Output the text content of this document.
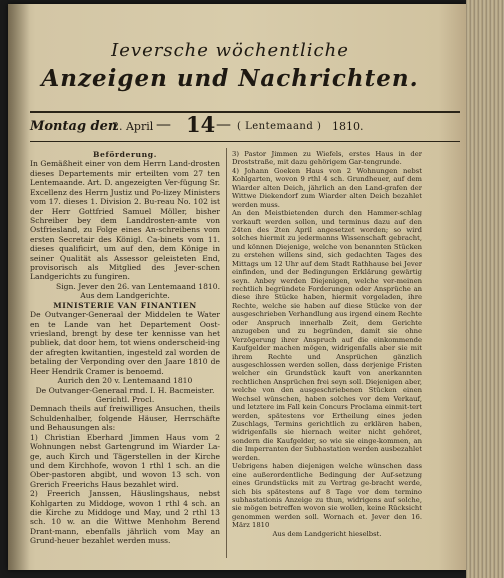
Ieversche wöchentliche
Anzeigen und Nachrichten.
Montag den
2. April — 14 — ( Lentemaand ) 1810.

Beförderung.

In Gemäßheit einer von dem Herrn Land-drosten dieses Departements mir erteilten vom 27 ten Lentemaande. Art. D. angezeigten Ver-fügung Sr. Excellenz des Herrn Justiz und Po-lizey Ministers vom 17. dieses 1. Division 2. Bu-reau No. 102 ist der Herr Gottfried Samuel Möller, bisher Schreiber bey dem Landdrosten-amte von Ostfriesland, zu Folge eines An-schreibens vom ersten Secretair des Königl. Ca-binets vom 11. dieses qualificirt, um auf den, dem Könige in seiner Qualität als Assessor geleisteten End, provisorisch als Mitglied des Jever-schen Landgerichts zu fungiren.

Sign. Jever den 26. van Lentemaand 1810.

Aus dem Landgerichte.

MINISTERIE VAN FINANTIEN

De Outvanger-Generaal der Middelen te Water en te Lande van het Departement Oost-vriesland, brengt by dese ter kennisse van het publiek, dat door hem, tot wiens onderscheid-ing der afregten kwitantien, ingesteld zal worden de betaling der Verponding over den Jaare 1810 de Heer Hendrik Cramer is benoemd.

Aurich den 20 v. Lentemaand 1810

De Outvanger-Generaal rmd. I. H. Bacmeister.

Gerichtl. Procl.

Demnach theils auf freiwilliges Ansuchen, theils Schuldenhalber, folgende Häuser, Herrschäfte und Behausungen als:

1) Christian Eberhard Jimmen Haus vom 2 Wohnungen nebst Gartengrund im Wiarder La-ge, auch Kirch und Tägerstellen in der Kirche und dem Kirchhofe, wovon 1 rthl 1 sch. an die Ober-pastoren abgibt, und wovon 13 sch. von Grerich Freerichs Haus bezahlet wird.

2) Freerich Janssen, Häuslingshaus, nebst Kohlgarten zu Middoge, wovon 1 rthl 4 sch. an die Kirche zu Middoge und May, und 2 rthl 13 sch. 10 w. an die Wittwe Menhohm Berend Drant-mann, ebenfalls jährlich vom May an Grund-heuer bezahlet werden muss.

3) Pastor Jimmen zu Wiefels, erstes Haus in der Droststraße, mit dazu gehörigem Gar-tengrunde.

4) Johann Goeken Haus von 2 Wohnungen nebst Kohlgarten, wovon 9 rthl 4 sch. Grundheuer, auf dem Wiarder alten Deich, jährlich an den Land-grafen der Wittwe Diekendorf zum Wiarder alten Deich bezahlet werden muss.

An den Meistbietenden durch den Hammer-schlag verkauft werden sollen, und terminus dazu auf den 24ten des 2ten April angesetzet worden; so wird solches hiermit zu jedermanns Wissenschaft gebracht, und können Diejenige, welche von benannten Stücken zu erstehen willens sind, sich gedachten Tages des Mittags um 12 Uhr auf dem Stadt Rathhause bei Jever einfinden, und der Bedingungen Erklärung gewärtig seyn. Anbey werden Diejenigen, welche ver-meinen rechtlich begründete Forderungen oder Ansprüche an diese ihre Stücke haben, hiermit vorgeladen, ihre Rechte, welche sie haben auf diese Stücke von der ausgeschrieben Verhandlung aus irgend einem Rechte oder Anspruch innerhalb Zeit, dem Gerichte anzugeben und zu begründen, damit sie ohne Verzögerung ihrer Anspruch auf die einkommende Kaufgelder machen mögen, widrigenfalls aber sie mit ihrem Rechte und Ansprüchen gänzlich ausgeschlossen werden sollen, dass derjenige Fristen welcher ein Grundstück kauft von anerkannten rechtlichen Ansprüchen frei seyn soll. Diejenigen aber, welche von den ausgeschriebenen Stücken einen Wechsel wünschen, haben solches vor dem Verkauf, und letztere im Fall kein Concurs Proclama einmit-tert werden, spätestens vor Ertheilung eines jeden Zuschlags, Termins gerichtlich zu erklären haben, widrigenfalls sie hiernach weiter nicht gehöret, sondern die Kaufgelder, so wie sie einge-kommen, an die Imperranten der Subhastation werden ausbezahlet werden.

Uebrigens haben diejenigen welche wünschen dass eine außerordentliche Bedingung der Auf-setzung eines Grundstücks mit zu Vertrag ge-bracht werde, sich bis spätestens auf 8 Tage vor dem termino subhastationis Anzeige zu thun, widrigens auf solche, sie mögen betreffen wovon sie wollen, keine Rücksicht genommen werden soll. Wornach et. Jever den 16. März 1810

Aus dem Landgericht hieselbst.
